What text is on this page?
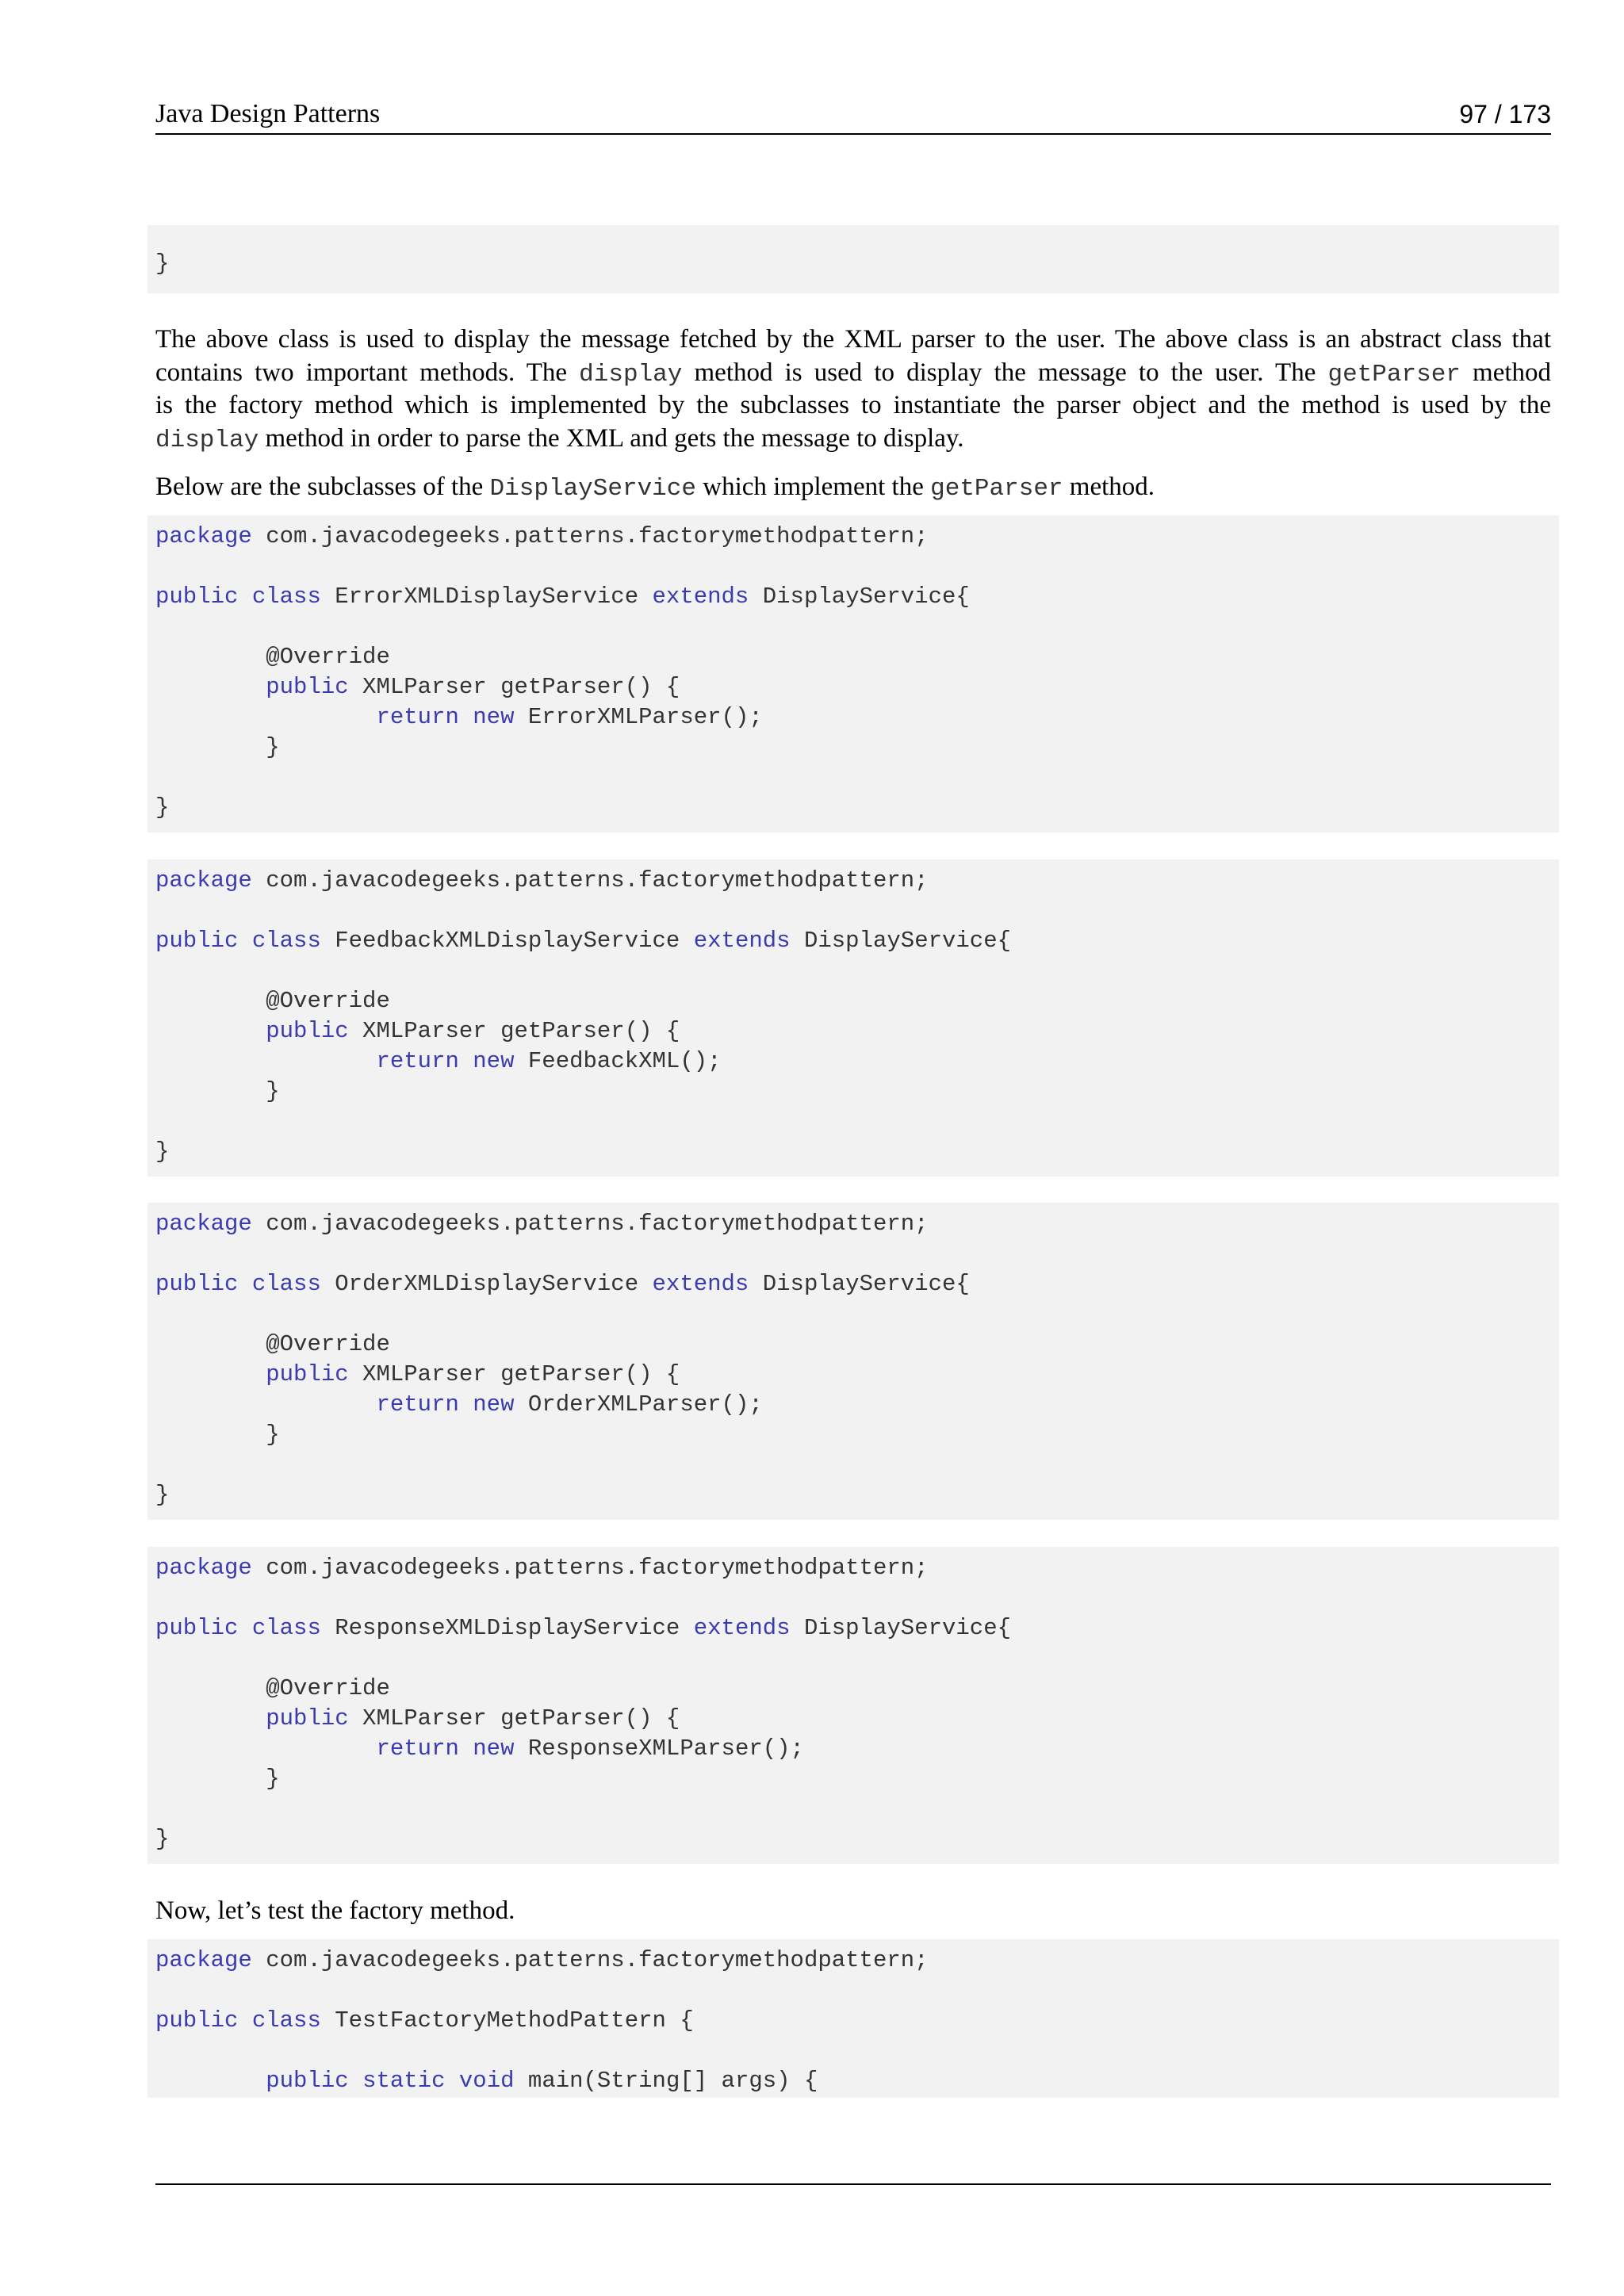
Java Design Patterns	97 / 173
}
The above class is used to display the message fetched by the XML parser to the user. The above class is an abstract class that
contains two important methods. The display method is used to display the message to the user. The getParser method
is the factory method which is implemented by the subclasses to instantiate the parser object and the method is used by the
display method in order to parse the XML and gets the message to display.
Below are the subclasses of the DisplayService which implement the getParser method.
package com.javacodegeeks.patterns.factorymethodpattern;
public class ErrorXMLDisplayService extends DisplayService{
@Override
public XMLParser getParser() {
return new ErrorXMLParser();
}
}
package com.javacodegeeks.patterns.factorymethodpattern;
public class FeedbackXMLDisplayService extends DisplayService{
@Override
public XMLParser getParser() {
return new FeedbackXML();
}
}
package com.javacodegeeks.patterns.factorymethodpattern;
public class OrderXMLDisplayService extends DisplayService{
@Override
public XMLParser getParser() {
return new OrderXMLParser();
}
}
package com.javacodegeeks.patterns.factorymethodpattern;
public class ResponseXMLDisplayService extends DisplayService{
@Override
public XMLParser getParser() {
return new ResponseXMLParser();
}
}
Now, let’s test the factory method.
package com.javacodegeeks.patterns.factorymethodpattern;
public class TestFactoryMethodPattern {
public static void main(String[] args) {
